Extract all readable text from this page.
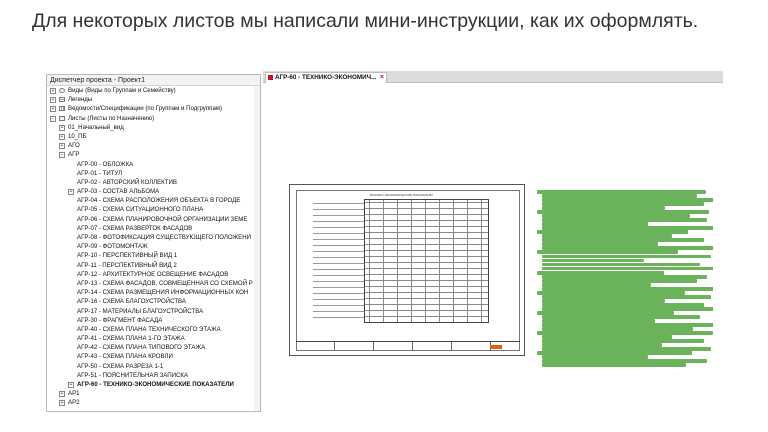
Для некоторых листов мы написали мини-инструкции, как их оформлять.
Диспетчер проекта - Проект1
+ Виды (Виды по Группам и Семейству)
+ Легенды
+ Ведомости/Спецификации (по Группам и Подгруппам)
− Листы (Листы по Назначению)
+ 01_Начальный_вид
+ 10_ПБ
+ АГО
− АГР
АГР-00 - ОБЛОЖКА
АГР-01 - ТИТУЛ
АГР-02 - АВТОРСКИЙ КОЛЛЕКТИВ
+ АГР-03 - СОСТАВ АЛЬБОМА
АГР-04 - СХЕМА РАСПОЛОЖЕНИЯ ОБЪЕКТА В ГОРОДЕ
АГР-05 - СХЕМА СИТУАЦИОННОГО ПЛАНА
АГР-06 - СХЕМА ПЛАНИРОВОЧНОЙ ОРГАНИЗАЦИИ ЗЕМЕ
АГР-07 - СХЕМА РАЗВЕРТОК ФАСАДОВ
АГР-08 - ФОТОФИКСАЦИЯ СУЩЕСТВУЮЩЕГО ПОЛОЖЕНИ
АГР-09 - ФОТОМОНТАЖ
АГР-10 - ПЕРСПЕКТИВНЫЙ ВИД 1
АГР-11 - ПЕРСПЕКТИВНЫЙ ВИД 2
АГР-12 - АРХИТЕКТУРНОЕ ОСВЕЩЕНИЕ ФАСАДОВ
АГР-13 - СХЕМА ФАСАДОВ, СОВМЕЩЕННАЯ СО СХЕМОЙ Р
АГР-14 - СХЕМА РАЗМЕЩЕНИЯ ИНФОРМАЦИОННЫХ КОН
АГР-16 - СХЕМА БЛАГОУСТРОЙСТВА
АГР-17 - МАТЕРИАЛЫ БЛАГОУСТРОЙСТВА
АГР-30 - ФРАГМЕНТ ФАСАДА
АГР-40 - СХЕМА ПЛАНА ТЕХНИЧЕСКОГО ЭТАЖА
АГР-41 - СХЕМА ПЛАНА 1-ГО ЭТАЖА
АГР-42 - СХЕМА ПЛАНА ТИПОВОГО ЭТАЖА
АГР-43 - СХЕМА ПЛАНА КРОВЛИ
АГР-50 - СХЕМА РАЗРЕЗА 1-1
АГР-51 - ПОЯСНИТЕЛЬНАЯ ЗАПИСКА
+ АГР-60 - ТЕХНИКО-ЭКОНОМИЧЕСКИЕ ПОКАЗАТЕЛИ
+ АР1
+ АР2
АГР-60 - ТЕХНИКО-ЭКОНОМИЧ... ×
ТЕХНИКО-ЭКОНОМИЧЕСКИЕ ПОКАЗАТЕЛИ
